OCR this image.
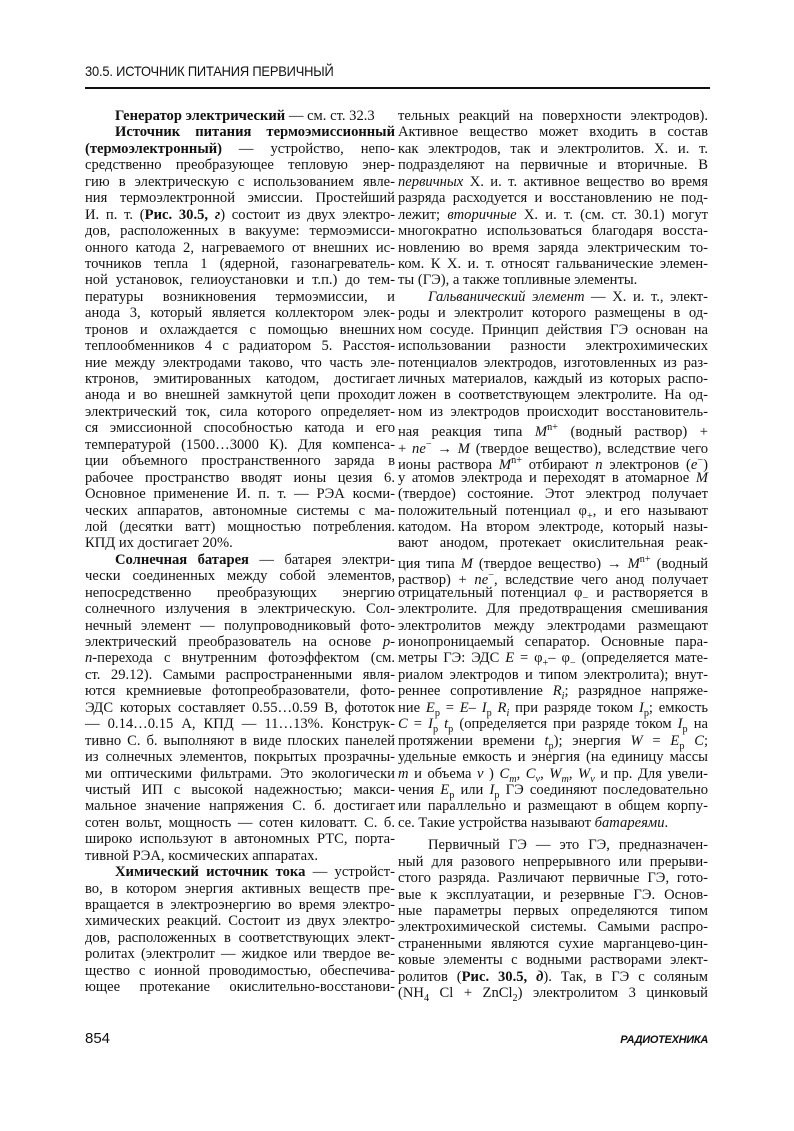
30.5. ИСТОЧНИК ПИТАНИЯ ПЕРВИЧНЫЙ
Генератор электрический — см. ст. 32.3
Источник питания термоэмиссионный
(термоэлектронный) — устройство, непо-
средственно преобразующее тепловую энер-
гию в электрическую с использованием явле-
ния термоэлектронной эмиссии. Простейший
И. п. т. (Рис. 30.5, г) состоит из двух электро-
дов, расположенных в вакууме: термоэмисси-
онного катода 2, нагреваемого от внешних ис-
точников тепла 1 (ядерной, газонагреватель-
ной установок, гелиоустановки и т.п.) до тем-
пературы возникновения термоэмиссии, и
анода 3, который является коллектором элек-
тронов и охлаждается с помощью внешних
теплообменников 4 с радиатором 5. Расстоя-
ние между электродами таково, что часть эле-
ктронов, эмитированных катодом, достигает
анода и во внешней замкнутой цепи проходит
электрический ток, сила которого определяет-
ся эмиссионной способностью катода и его
температурой (1500…3000 К). Для компенса-
ции объемного пространственного заряда в
рабочее пространство вводят ионы цезия 6.
Основное применение И. п. т. — РЭА косми-
ческих аппаратов, автономные системы с ма-
лой (десятки ватт) мощностью потребления.
КПД их достигает 20%.
Солнечная батарея — батарея электри-
чески соединенных между собой элементов,
непосредственно преобразующих энергию
солнечного излучения в электрическую. Сол-
нечный элемент — полупроводниковый фото-
электрический преобразователь на основе p-
n-перехода с внутренним фотоэффектом (см.
ст. 29.12). Самыми распространенными явля-
ются кремниевые фотопреобразователи, фото-
ЭДС которых составляет 0.55…0.59 В, фототок
— 0.14…0.15 А, КПД — 11…13%. Конструк-
тивно С. б. выполняют в виде плоских панелей
из солнечных элементов, покрытых прозрачны-
ми оптическими фильтрами. Это экологически
чистый ИП с высокой надежностью; макси-
мальное значение напряжения С. б. достигает
сотен вольт, мощность — сотен киловатт. С. б.
широко используют в автономных РТС, порта-
тивной РЭА, космических аппаратах.
Химический источник тока — устройст-
во, в котором энергия активных веществ пре-
вращается в электроэнергию во время электро-
химических реакций. Состоит из двух электро-
дов, расположенных в соответствующих элект-
ролитах (электролит — жидкое или твердое ве-
щество с ионной проводимостью, обеспечива-
ющее протекание окислительно-восстанови-
тельных реакций на поверхности электродов).
Активное вещество может входить в состав
как электродов, так и электролитов. Х. и. т.
подразделяют на первичные и вторичные. В
первичных Х. и. т. активное вещество во время
разряда расходуется и восстановлению не под-
лежит; вторичные Х. и. т. (см. ст. 30.1) могут
многократно использоваться благодаря восста-
новлению во время заряда электрическим то-
ком. К Х. и. т. относят гальванические элемен-
ты (ГЭ), а также топливные элементы.
Гальванический элемент — Х. и. т., элект-
роды и электролит которого размещены в од-
ном сосуде. Принцип действия ГЭ основан на
использовании разности электрохимических
потенциалов электродов, изготовленных из раз-
личных материалов, каждый из которых распо-
ложен в соответствующем электролите. На од-
ном из электродов происходит восстановитель-
ная реакция типа $M^{n+}$ (водный раствор) +
+ ne− → M (твердое вещество), вследствие чего
ионы раствора $M^{n+}$ отбирают n электронов (e−)
у атомов электрода и переходят в атомарное M
(твердое) состояние. Этот электрод получает
положительный потенциал $\varphi_+$, и его называют
катодом. На втором электроде, который назы-
вают анодом, протекает окислительная реак-
ция типа M (твердое вещество) → $M^{n+}$ (водный
раствор) + ne−, вследствие чего анод получает
отрицательный потенциал $\varphi_-$ и растворяется в
электролите. Для предотвращения смешивания
электролитов между электродами размещают
ионопроницаемый сепаратор. Основные пара-
метры ГЭ: ЭДС $E = \varphi_+-$ $\varphi_-$ (определяется мате-
риалом электродов и типом электролита); внут-
реннее сопротивление $R_i$; разрядное напряже-
ние $E_р = E-$ $I_р$ $R_i$ при разряде током $I_р$; емкость
$C = I_р$ $t_р$ (определяется при разряде током $I_р$ на
протяжении времени $t_р$); энергия $W = E_р$ C;
удельные емкость и энергия (на единицу массы
m и объема v ) $C_m$, $C_v$, $W_m$, $W_v$ и пр. Для увели-
чения $E_р$ или $I_р$ ГЭ соединяют последовательно
или параллельно и размещают в общем корпу-
се. Такие устройства называют батареями.
Первичный ГЭ — это ГЭ, предназначен-
ный для разового непрерывного или прерыви-
стого разряда. Различают первичные ГЭ, гото-
вые к эксплуатации, и резервные ГЭ. Основ-
ные параметры первых определяются типом
электрохимической системы. Самыми распро-
страненными являются сухие марганцево-цин-
ковые элементы с водными растворами элект-
ролитов (Рис. 30.5, д). Так, в ГЭ с соляным
($NH_4$ Cl + ZnCl$_2$) электролитом 3 цинковый
854	РАДИОТЕХНИКА
